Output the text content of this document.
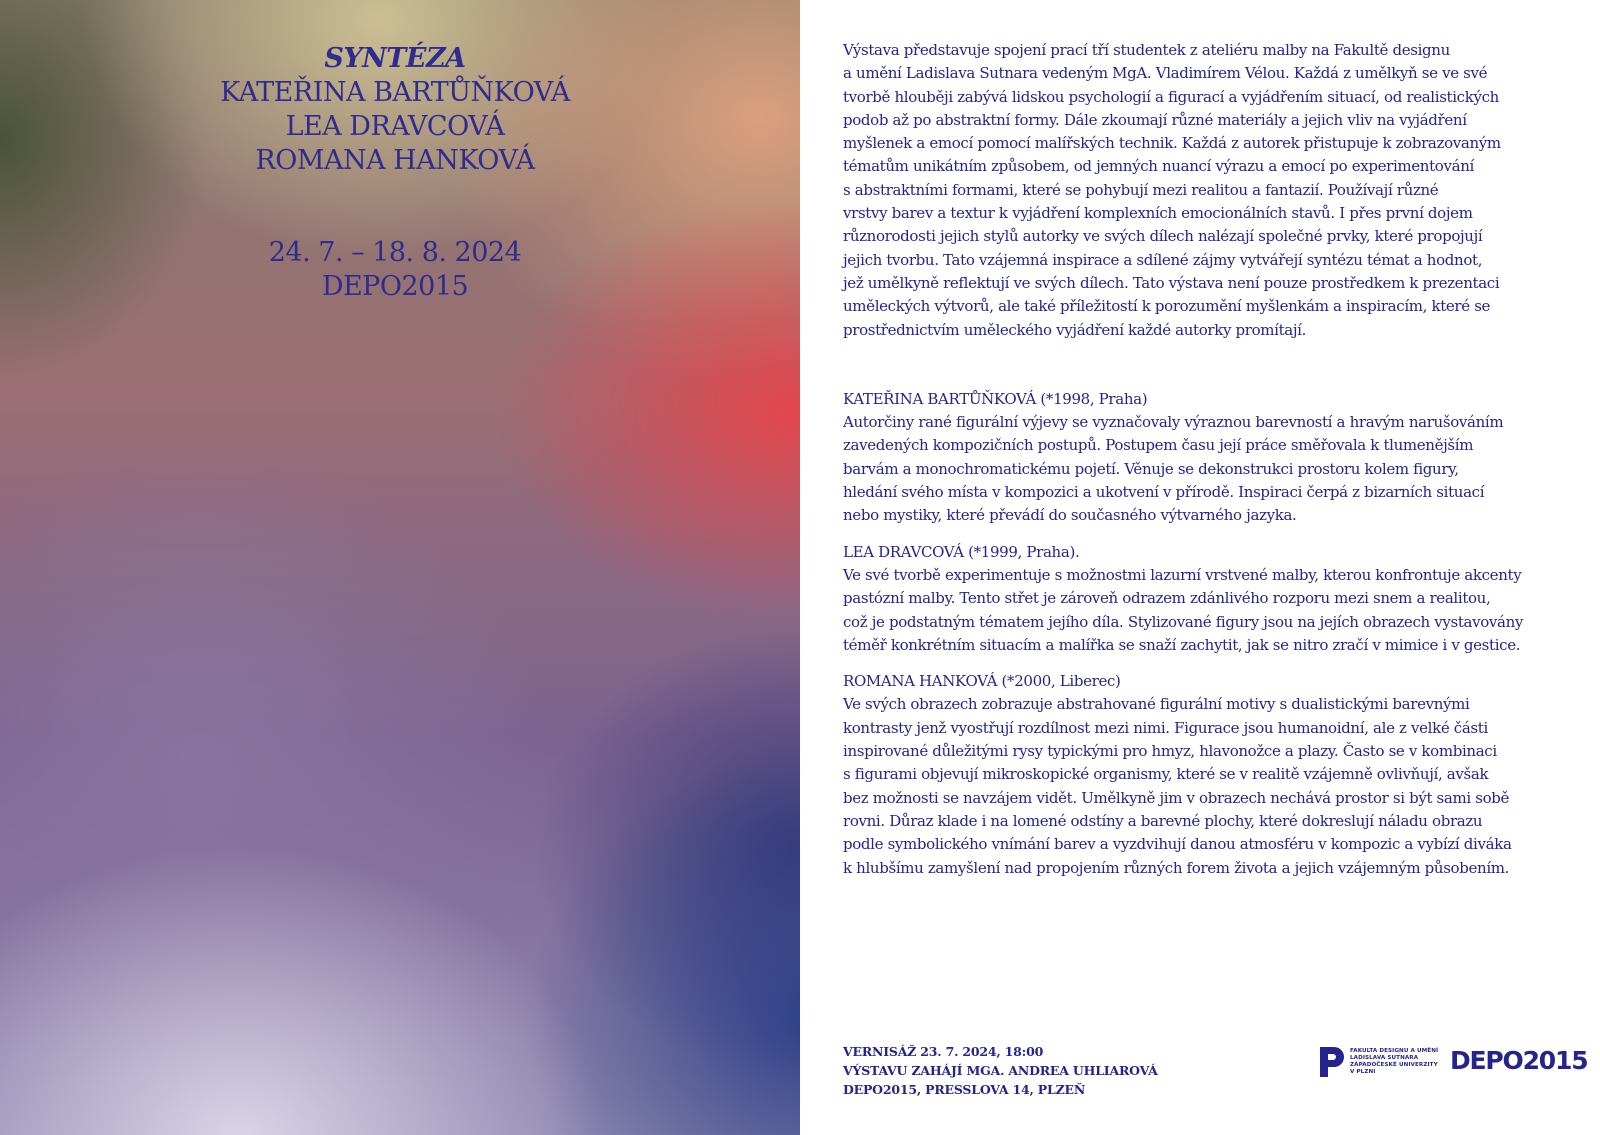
SYNTÉZA
KATEŘINA BARTŮŇKOVÁ
LEA DRAVCOVÁ
ROMANA HANKOVÁ
24. 7. – 18. 8. 2024
DEPO2015

Výstava představuje spojení prací tří studentek z ateliéru malby na Fakultě designu
a umění Ladislava Sutnara vedeným MgA. Vladimírem Vélou. Každá z umělkyň se ve své
tvorbě hlouběji zabývá lidskou psychologií a figurací a vyjádřením situací, od realistických
podob až po abstraktní formy. Dále zkoumají různé materiály a jejich vliv na vyjádření
myšlenek a emocí pomocí malířských technik. Každá z autorek přistupuje k zobrazovaným
tématům unikátním způsobem, od jemných nuancí výrazu a emocí po experimentování
s abstraktními formami, které se pohybují mezi realitou a fantazií. Používají různé
vrstvy barev a textur k vyjádření komplexních emocionálních stavů. I přes první dojem
různorodosti jejich stylů autorky ve svých dílech nalézají společné prvky, které propojují
jejich tvorbu. Tato vzájemná inspirace a sdílené zájmy vytvářejí syntézu témat a hodnot,
jež umělkyně reflektují ve svých dílech. Tato výstava není pouze prostředkem k prezentaci
uměleckých výtvorů, ale také příležitostí k porozumění myšlenkám a inspiracím, které se
prostřednictvím uměleckého vyjádření každé autorky promítají.

KATEŘINA BARTŮŇKOVÁ (*1998, Praha)
Autorčiny rané figurální výjevy se vyznačovaly výraznou barevností a hravým narušováním
zavedených kompozičních postupů. Postupem času její práce směřovala k tlumenějším
barvám a monochromatickému pojetí. Věnuje se dekonstrukci prostoru kolem figury,
hledání svého místa v kompozici a ukotvení v přírodě. Inspiraci čerpá z bizarních situací
nebo mystiky, které převádí do současného výtvarného jazyka.
LEA DRAVCOVÁ (*1999, Praha).
Ve své tvorbě experimentuje s možnostmi lazurní vrstvené malby, kterou konfrontuje akcenty
pastózní malby. Tento střet je zároveň odrazem zdánlivého rozporu mezi snem a realitou,
což je podstatným tématem jejího díla. Stylizované figury jsou na jejích obrazech vystavovány
téměř konkrétním situacím a malířka se snaží zachytit, jak se nitro zračí v mimice i v gestice.
ROMANA HANKOVÁ (*2000, Liberec)
Ve svých obrazech zobrazuje abstrahované figurální motivy s dualistickými barevnými
kontrasty jenž vyostřují rozdílnost mezi nimi. Figurace jsou humanoidní, ale z velké části
inspirované důležitými rysy typickými pro hmyz, hlavonožce a plazy. Často se v kombinaci
s figurami objevují mikroskopické organismy, které se v realitě vzájemně ovlivňují, avšak
bez možnosti se navzájem vidět. Umělkyně jim v obrazech nechává prostor si být sami sobě
rovni. Důraz klade i na lomené odstíny a barevné plochy, které dokreslují náladu obrazu
podle symbolického vnímání barev a vyzdvihují danou atmosféru v kompozic a vybízí diváka
k hlubšímu zamyšlení nad propojením různých forem života a jejich vzájemným působením.
VERNISÁŽ 23. 7. 2024, 18:00
VÝSTAVU ZAHÁJÍ MGA. ANDREA UHLIAROVÁ
DEPO2015, PRESSLOVA 14, PLZEŇ
FAKULTA DESIGNU A UMĚNÍ
LADISLAVA SUTNARA
ZÁPADOČESKÉ UNIVERZITY
V PLZNI	DEPO2015
